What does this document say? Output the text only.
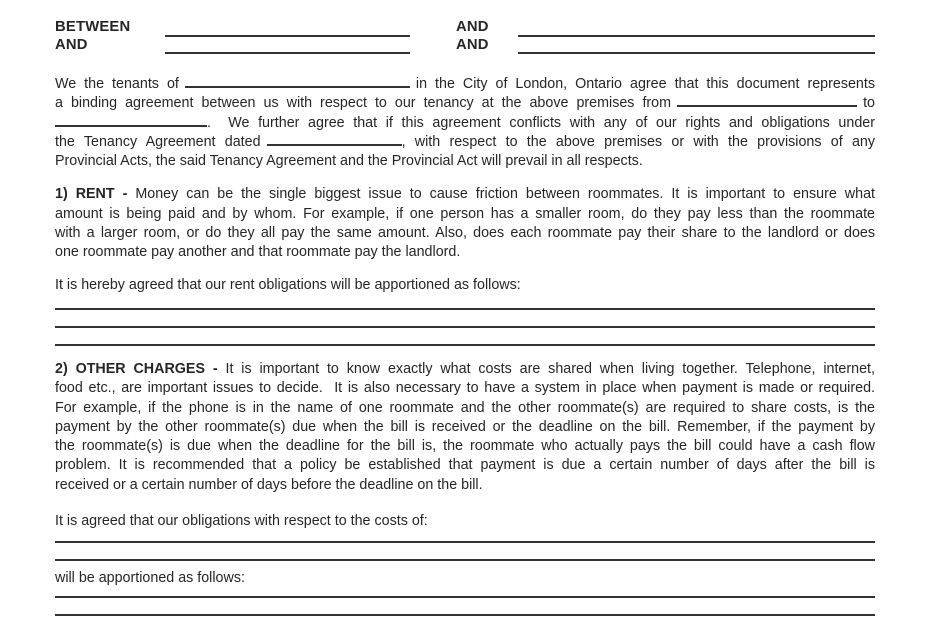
BETWEEN	AND
AND	AND
We the tenants of	in the City of London, Ontario agree that this document represents
a binding agreement between us with respect to our tenancy at the above premises from	to
.  We further agree that if this agreement conflicts with any of our rights and obligations under
the Tenancy Agreement dated	, with respect to the above premises or with the provisions of any
Provincial Acts, the said Tenancy Agreement and the Provincial Act will prevail in all respects.
1) RENT - Money can be the single biggest issue to cause friction between roommates. It is important to ensure what
amount is being paid and by whom. For example, if one person has a smaller room, do they pay less than the roommate
with a larger room, or do they all pay the same amount. Also, does each roommate pay their share to the landlord or does
one roommate pay another and that roommate pay the landlord.
It is hereby agreed that our rent obligations will be apportioned as follows:
2) OTHER CHARGES - It is important to know exactly what costs are shared when living together. Telephone, internet,
food etc., are important issues to decide.  It is also necessary to have a system in place when payment is made or required.
For example, if the phone is in the name of one roommate and the other roommate(s) are required to share costs, is the
payment by the other roommate(s) due when the bill is received or the deadline on the bill. Remember, if the payment by
the roommate(s) is due when the deadline for the bill is, the roommate who actually pays the bill could have a cash flow
problem. It is recommended that a policy be established that payment is due a certain number of days after the bill is
received or a certain number of days before the deadline on the bill.
It is agreed that our obligations with respect to the costs of:
will be apportioned as follows:
